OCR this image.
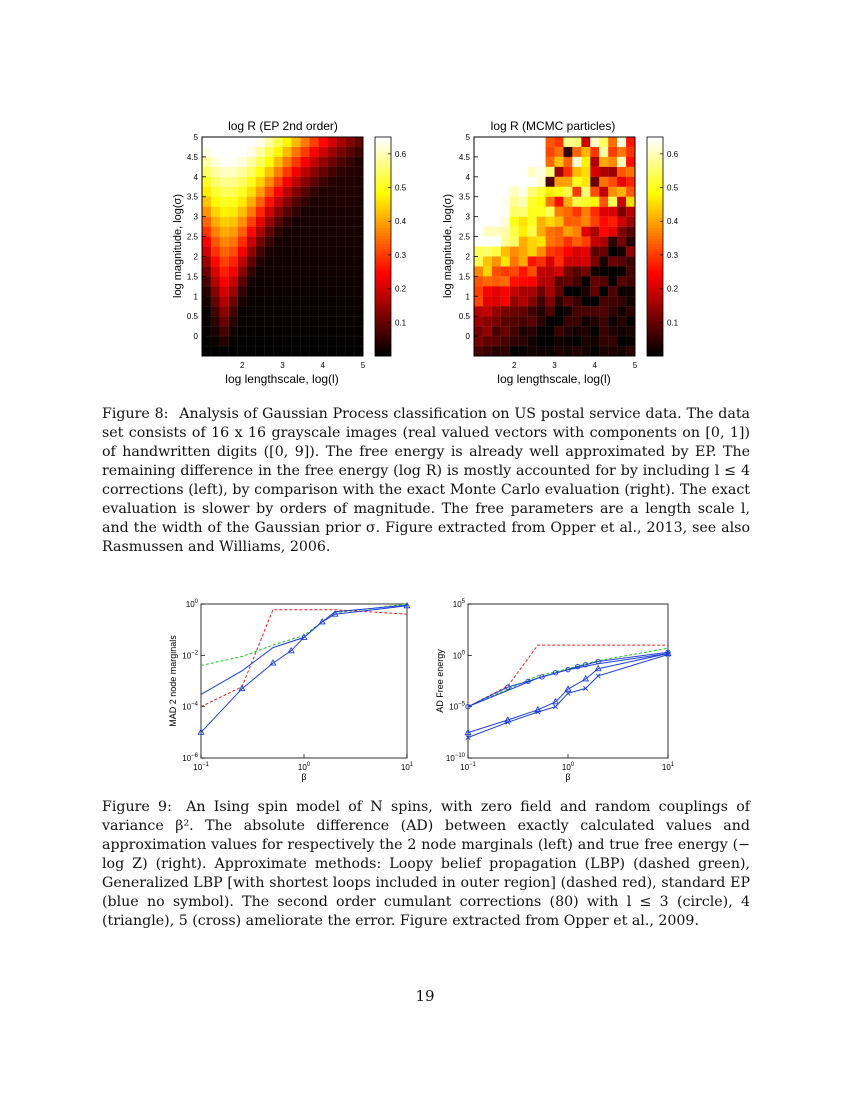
log R (EP 2nd order)
2	3	4	5
0
0.5
1
1.5
2
2.5
3
3.5
4
4.5
5
log lengthscale, log(l)
log magnitude, log(σ)
0.1
0.2
0.3
0.4
0.5
0.6
log R (MCMC particles)
2	3	4	5
0
0.5
1
1.5
2
2.5
3
3.5
4
4.5
5
log lengthscale, log(l)
log magnitude, log(σ)
0.1
0.2
0.3
0.4
0.5
0.6
Figure 8: Analysis of Gaussian Process classification on US postal service data. The data set consists of 16 x 16 grayscale images (real valued vectors with components on [0, 1]) of handwritten digits ([0, 9]). The free energy is already well approximated by EP. The remaining difference in the free energy (log R) is mostly accounted for by including l ≤ 4 corrections (left), by comparison with the exact Monte Carlo evaluation (right). The exact evaluation is slower by orders of magnitude. The free parameters are a length scale l, and the width of the Gaussian prior σ. Figure extracted from Opper et al., 2013, see also Rasmussen and Williams, 2006.
$10^{-1}$	$10^0$	$10^1$
$10^{-6}$
$10^{-4}$
$10^{-2}$
$10^0$
β
MAD 2 node marginals
$10^{-1}$	$10^0$	$10^1$
$10^{-10}$
$10^{-5}$
$10^0$
$10^5$
β
AD Free energy
Figure 9: An Ising spin model of N spins, with zero field and random couplings of variance β². The absolute difference (AD) between exactly calculated values and approximation values for respectively the 2 node marginals (left) and true free energy (− log Z) (right). Approximate methods: Loopy belief propagation (LBP) (dashed green), Generalized LBP [with shortest loops included in outer region] (dashed red), standard EP (blue no symbol). The second order cumulant corrections (80) with l ≤ 3 (circle), 4 (triangle), 5 (cross) ameliorate the error. Figure extracted from Opper et al., 2009.
19
